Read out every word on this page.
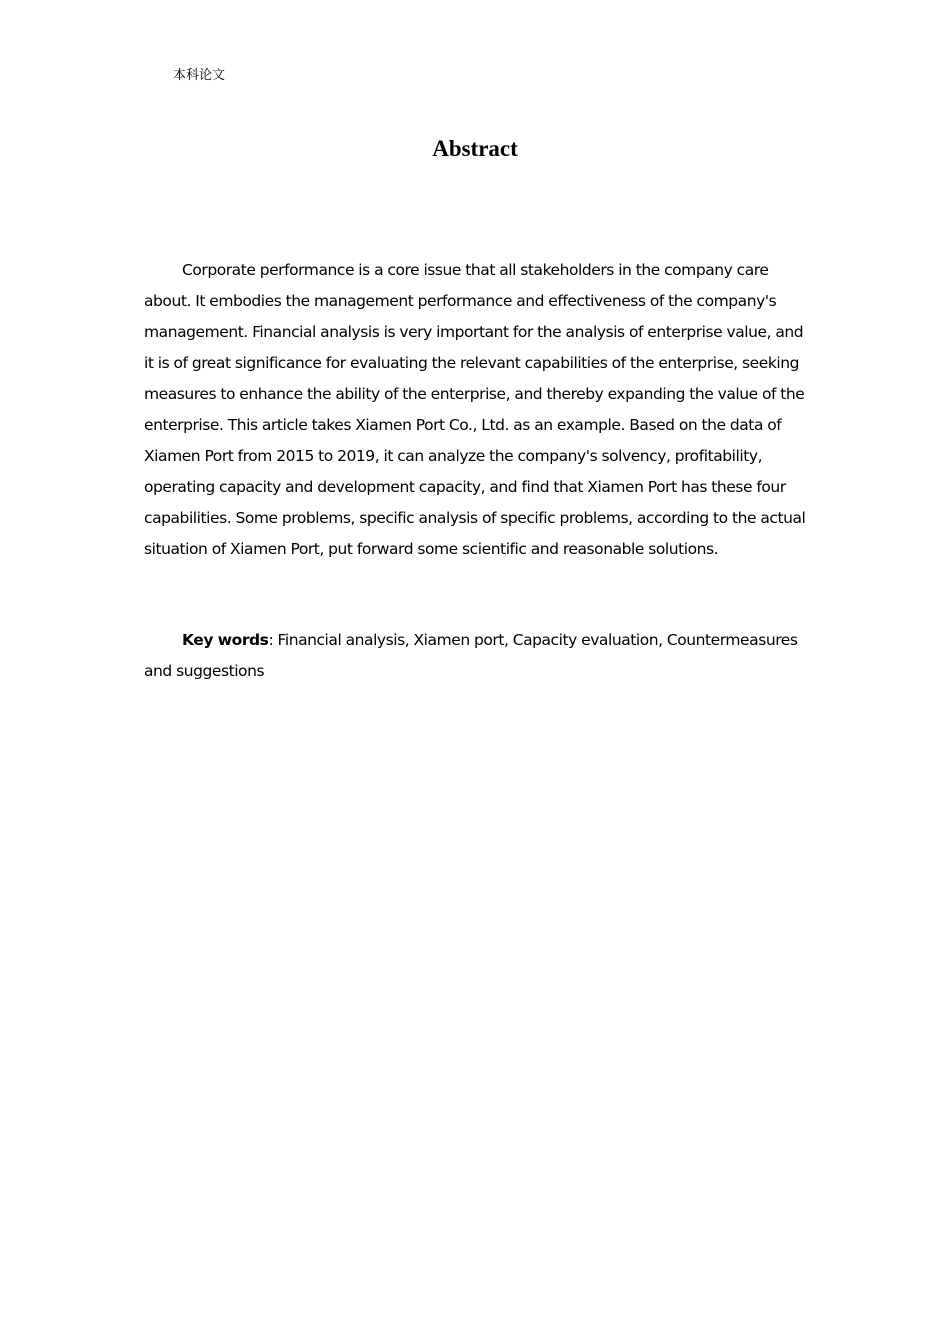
本科论文
Abstract

Corporate performance is a core issue that all stakeholders in the company care about. It embodies the management performance and effectiveness of the company's management. Financial analysis is very important for the analysis of enterprise value, and it is of great significance for evaluating the relevant capabilities of the enterprise, seeking measures to enhance the ability of the enterprise, and thereby expanding the value of the enterprise. This article takes Xiamen Port Co., Ltd. as an example. Based on the data of Xiamen Port from 2015 to 2019, it can analyze the company's solvency, profitability, operating capacity and development capacity, and find that Xiamen Port has these four capabilities. Some problems, specific analysis of specific problems, according to the actual situation of Xiamen Port, put forward some scientific and reasonable solutions.

Key words: Financial analysis, Xiamen port, Capacity evaluation, Countermeasures and suggestions
